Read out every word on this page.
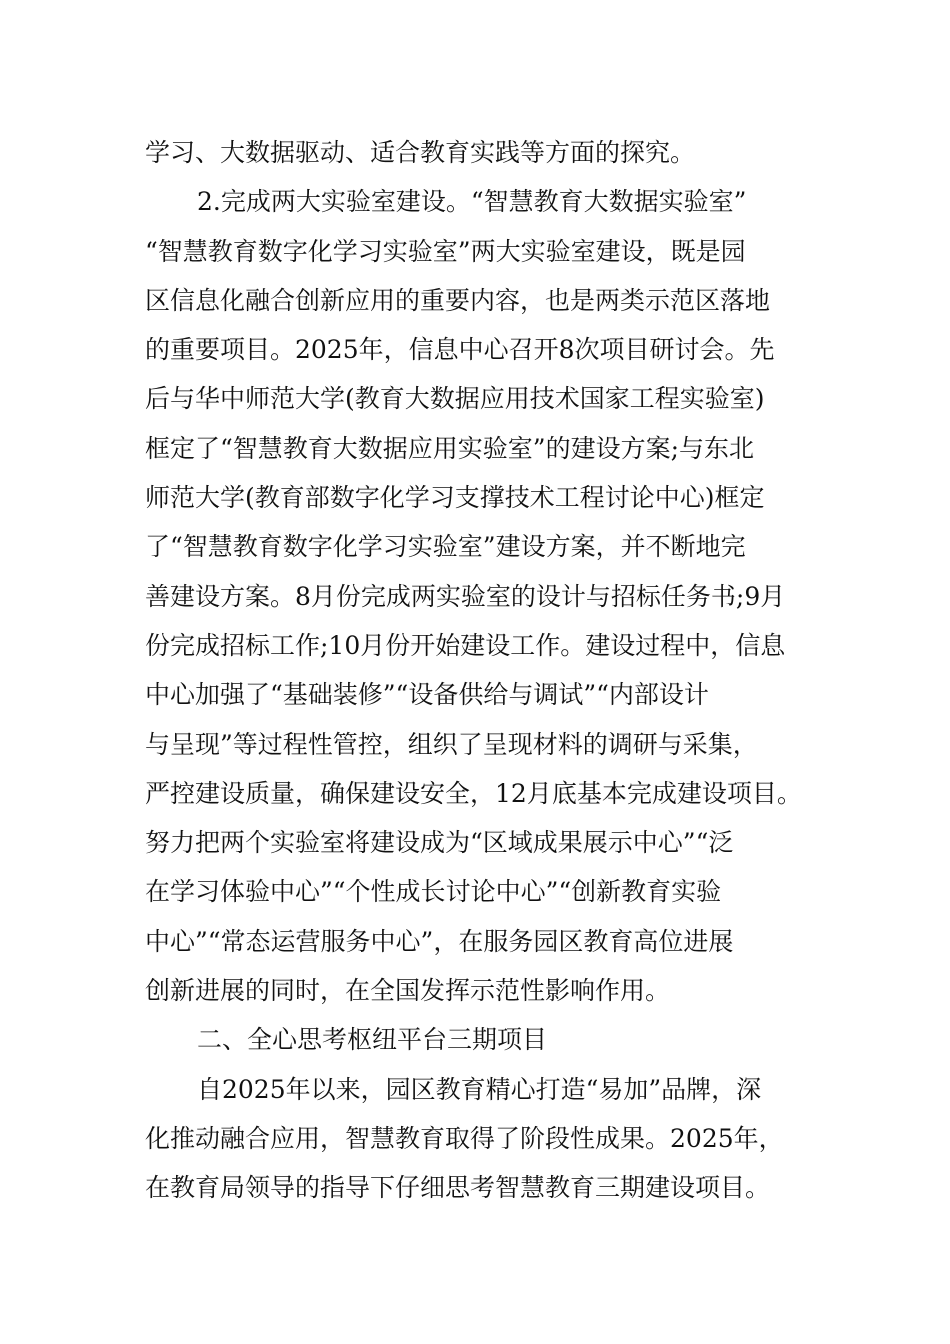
学习、大数据驱动、适合教育实践等方面的探究。
2.完成两大实验室建设。“智慧教育大数据实验室”
“智慧教育数字化学习实验室”两大实验室建设，既是园
区信息化融合创新应用的重要内容，也是两类示范区落地
的重要项目。2025年，信息中心召开8次项目研讨会。先
后与华中师范大学(教育大数据应用技术国家工程实验室)
框定了“智慧教育大数据应用实验室”的建设方案;与东北
师范大学(教育部数字化学习支撑技术工程讨论中心)框定
了“智慧教育数字化学习实验室”建设方案，并不断地完
善建设方案。8月份完成两实验室的设计与招标任务书;9月
份完成招标工作;10月份开始建设工作。建设过程中，信息
中心加强了“基础装修”“设备供给与调试”“内部设计
与呈现”等过程性管控，组织了呈现材料的调研与采集，
严控建设质量，确保建设安全，12月底基本完成建设项目。
努力把两个实验室将建设成为“区域成果展示中心”“泛
在学习体验中心”“个性成长讨论中心”“创新教育实验
中心”“常态运营服务中心”，在服务园区教育高位进展
创新进展的同时，在全国发挥示范性影响作用。
二、全心思考枢纽平台三期项目
自2025年以来，园区教育精心打造“易加”品牌，深
化推动融合应用，智慧教育取得了阶段性成果。2025年，
在教育局领导的指导下仔细思考智慧教育三期建设项目。
